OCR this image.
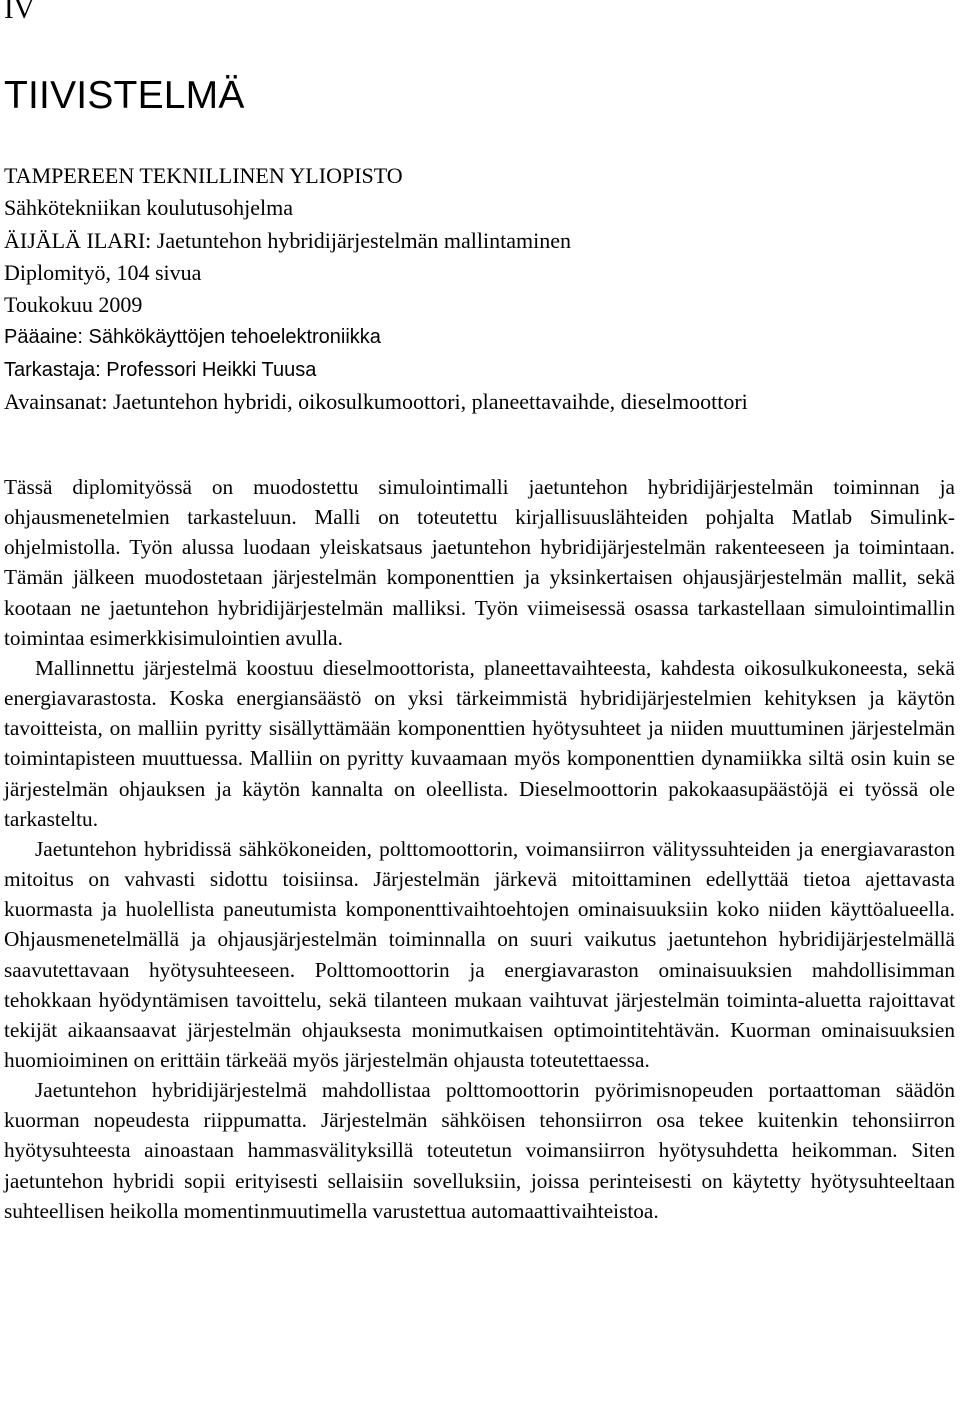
IV
TIIVISTELMÄ
TAMPEREEN TEKNILLINEN YLIOPISTO
Sähkötekniikan koulutusohjelma
ÄIJÄLÄ ILARI: Jaetuntehon hybridijärjestelmän mallintaminen
Diplomityö, 104 sivua
Toukokuu 2009
Pääaine: Sähkökäyttöjen tehoelektroniikka
Tarkastaja: Professori Heikki Tuusa
Avainsanat: Jaetuntehon hybridi, oikosulkumoottori, planeettavaihde, dieselmoottori

Tässä diplomityössä on muodostettu simulointimalli jaetuntehon hybridijärjestelmän toiminnan ja ohjausmenetelmien tarkasteluun. Malli on toteutettu kirjallisuuslähteiden pohjalta Matlab Simulink-ohjelmistolla. Työn alussa luodaan yleiskatsaus jaetuntehon hybridijärjestelmän rakenteeseen ja toimintaan. Tämän jälkeen muodostetaan järjestelmän komponenttien ja yksinkertaisen ohjausjärjestelmän mallit, sekä kootaan ne jaetuntehon hybridijärjestelmän malliksi. Työn viimeisessä osassa tarkastellaan simulointimallin toimintaa esimerkkisimulointien avulla.

Mallinnettu järjestelmä koostuu dieselmoottorista, planeettavaihteesta, kahdesta oikosulkukoneesta, sekä energiavarastosta. Koska energiansäästö on yksi tärkeimmistä hybridijärjestelmien kehityksen ja käytön tavoitteista, on malliin pyritty sisällyttämään komponenttien hyötysuhteet ja niiden muuttuminen järjestelmän toimintapisteen muuttuessa. Malliin on pyritty kuvaamaan myös komponenttien dynamiikka siltä osin kuin se järjestelmän ohjauksen ja käytön kannalta on oleellista. Dieselmoottorin pakokaasupäästöjä ei työssä ole tarkasteltu.

Jaetuntehon hybridissä sähkökoneiden, polttomoottorin, voimansiirron välityssuhteiden ja energiavaraston mitoitus on vahvasti sidottu toisiinsa. Järjestelmän järkevä mitoittaminen edellyttää tietoa ajettavasta kuormasta ja huolellista paneutumista komponenttivaihtoehtojen ominaisuuksiin koko niiden käyttöalueella. Ohjausmenetelmällä ja ohjausjärjestelmän toiminnalla on suuri vaikutus jaetuntehon hybridijärjestelmällä saavutettavaan hyötysuhteeseen. Polttomoottorin ja energiavaraston ominaisuuksien mahdollisimman tehokkaan hyödyntämisen tavoittelu, sekä tilanteen mukaan vaihtuvat järjestelmän toiminta-aluetta rajoittavat tekijät aikaansaavat järjestelmän ohjauksesta monimutkaisen optimointitehtävän. Kuorman ominaisuuksien huomioiminen on erittäin tärkeää myös järjestelmän ohjausta toteutettaessa.

Jaetuntehon hybridijärjestelmä mahdollistaa polttomoottorin pyörimisnopeuden portaattoman säädön kuorman nopeudesta riippumatta. Järjestelmän sähköisen tehonsiirron osa tekee kuitenkin tehonsiirron hyötysuhteesta ainoastaan hammasvälityksillä toteutetun voimansiirron hyötysuhdetta heikomman. Siten jaetuntehon hybridi sopii erityisesti sellaisiin sovelluksiin, joissa perinteisesti on käytetty hyötysuhteeltaan suhteellisen heikolla momentinmuutimella varustettua automaattivaihteistoa.
